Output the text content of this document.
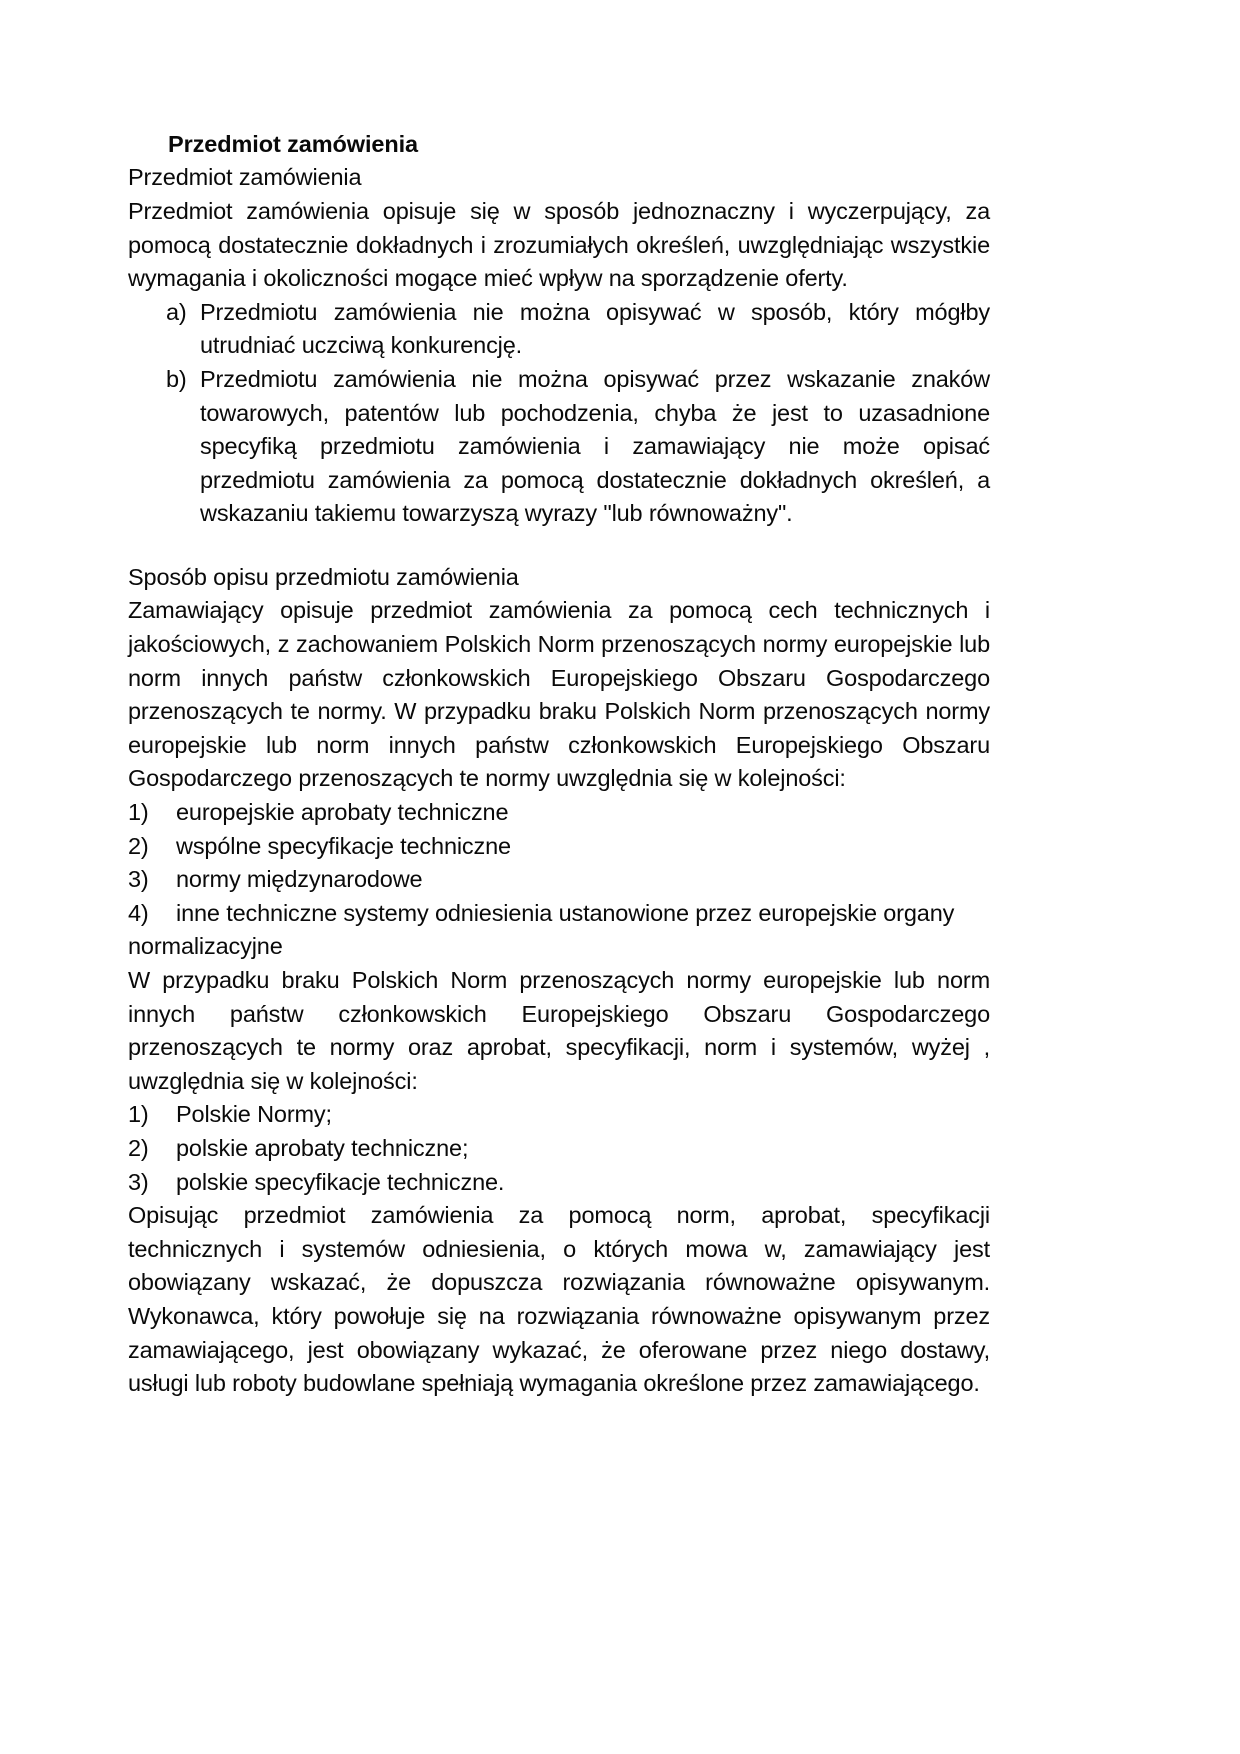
Przedmiot zamówienia

Przedmiot zamówienia

Przedmiot zamówienia opisuje się w sposób jednoznaczny i wyczerpujący, za pomocą dostatecznie dokładnych i zrozumiałych określeń, uwzględniając wszystkie wymagania i okoliczności mogące mieć wpływ na sporządzenie oferty.

a) Przedmiotu zamówienia nie można opisywać w sposób, który mógłby utrudniać uczciwą konkurencję.
b) Przedmiotu zamówienia nie można opisywać przez wskazanie znaków towarowych, patentów lub pochodzenia, chyba że jest to uzasadnione specyfiką przedmiotu zamówienia i zamawiający nie może opisać przedmiotu zamówienia za pomocą dostatecznie dokładnych określeń, a wskazaniu takiemu towarzyszą wyrazy "lub równoważny".

Sposób opisu przedmiotu zamówienia

Zamawiający opisuje przedmiot zamówienia za pomocą cech technicznych i jakościowych, z zachowaniem Polskich Norm przenoszących normy europejskie lub norm innych państw członkowskich Europejskiego Obszaru Gospodarczego przenoszących te normy. W przypadku braku Polskich Norm przenoszących normy europejskie lub norm innych państw członkowskich Europejskiego Obszaru Gospodarczego przenoszących te normy uwzględnia się w kolejności:

1)	europejskie aprobaty techniczne
2)	wspólne specyfikacje techniczne
3)	normy międzynarodowe
4)	inne techniczne systemy odniesienia ustanowione przez europejskie organy

normalizacyjne

W przypadku braku Polskich Norm przenoszących normy europejskie lub norm innych państw członkowskich Europejskiego Obszaru Gospodarczego przenoszących te normy oraz aprobat, specyfikacji, norm i systemów, wyżej , uwzględnia się w kolejności:

1)	Polskie Normy;
2)	polskie aprobaty techniczne;
3)	polskie specyfikacje techniczne.

Opisując przedmiot zamówienia za pomocą norm, aprobat, specyfikacji technicznych i systemów odniesienia, o których mowa w, zamawiający jest obowiązany wskazać, że dopuszcza rozwiązania równoważne opisywanym. Wykonawca, który powołuje się na rozwiązania równoważne opisywanym przez zamawiającego, jest obowiązany wykazać, że oferowane przez niego dostawy, usługi lub roboty budowlane spełniają wymagania określone przez zamawiającego.
